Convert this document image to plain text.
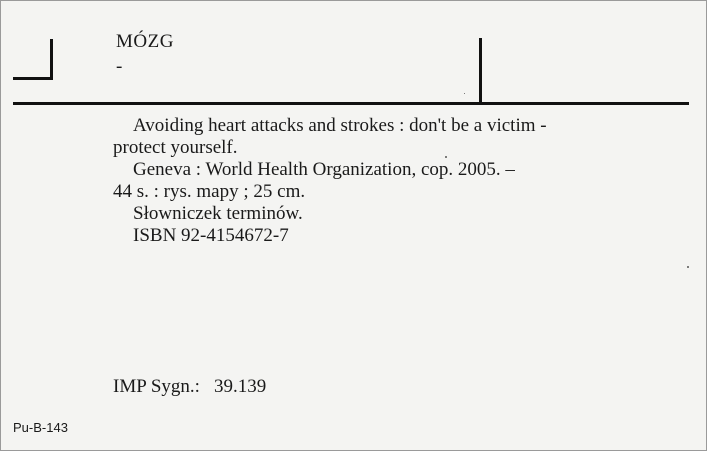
MÓZG
-
Avoiding heart attacks and strokes : don't be a victim -
protect yourself.
Geneva : World Health Organization, cop. 2005. –
44 s. : rys. mapy ; 25 cm.
Słowniczek terminów.
ISBN 92-4154672-7
IMP Sygn.: 39.139
Pu-B-143
